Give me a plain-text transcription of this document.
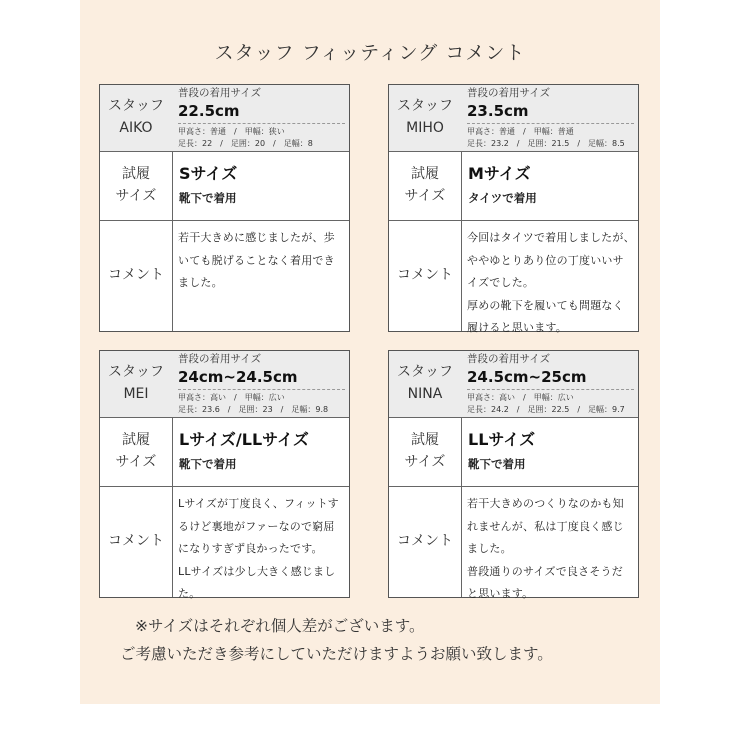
スタッフ フィッティング コメント
スタッフ
AIKO
普段の着用サイズ
22.5cm
甲高さ：普通　/　甲幅：狭い
足長：22　/　足囲：20　/　足幅：8
試履
サイズ
Sサイズ
靴下で着用
コメント
若干大きめに感じましたが、歩
いても脱げることなく着用でき
ました。
スタッフ
MIHO
普段の着用サイズ
23.5cm
甲高さ：普通　/　甲幅：普通
足長：23.2　/　足囲：21.5　/　足幅：8.5
試履
サイズ
Mサイズ
タイツで着用
コメント
今回はタイツで着用しましたが、
ややゆとりあり位の丁度いいサ
イズでした。
厚めの靴下を履いても問題なく
履けると思います。
スタッフ
MEI
普段の着用サイズ
24cm~24.5cm
甲高さ：高い　/　甲幅：広い
足長：23.6　/　足囲：23　/　足幅：9.8
試履
サイズ
Lサイズ/LLサイズ
靴下で着用
コメント
Lサイズが丁度良く、フィットす
るけど裏地がファーなので窮屈
になりすぎず良かったです。
LLサイズは少し大きく感じまし
た。
スタッフ
NINA
普段の着用サイズ
24.5cm~25cm
甲高さ：高い　/　甲幅：広い
足長：24.2　/　足囲：22.5　/　足幅：9.7
試履
サイズ
LLサイズ
靴下で着用
コメント
若干大きめのつくりなのかも知
れませんが、私は丁度良く感じ
ました。
普段通りのサイズで良さそうだ
と思います。
※サイズはそれぞれ個人差がございます。
ご考慮いただき参考にしていただけますようお願い致します。
